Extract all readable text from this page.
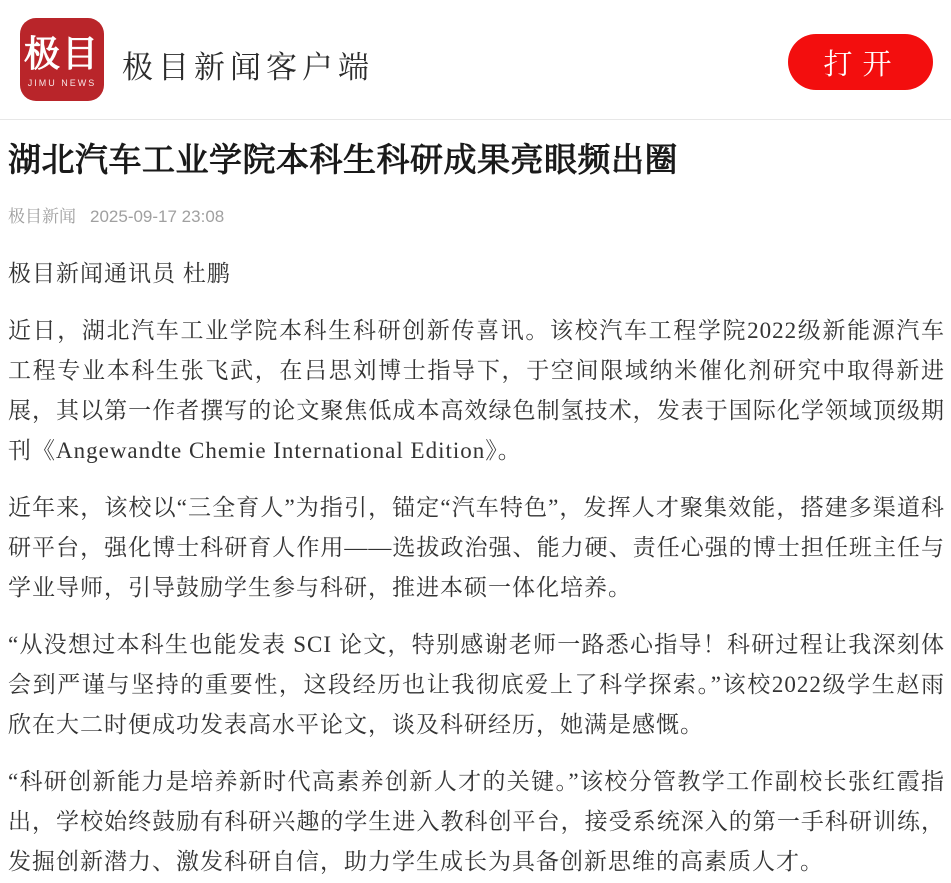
极目
JIMU NEWS 极目新闻客户端	打开
湖北汽车工业学院本科生科研成果亮眼频出圈
极目新闻 2025-09-17 23:08

极目新闻通讯员 杜鹏

近日，湖北汽车工业学院本科生科研创新传喜讯。该校汽车工程学院2022级新能源汽车工程专业本科生张飞武，在吕思刘博士指导下，于空间限域纳米催化剂研究中取得新进展，其以第一作者撰写的论文聚焦低成本高效绿色制氢技术，发表于国际化学领域顶级期刊《Angewandte Chemie International Edition》。

近年来，该校以“三全育人”为指引，锚定“汽车特色”，发挥人才聚集效能，搭建多渠道科研平台，强化博士科研育人作用——选拔政治强、能力硬、责任心强的博士担任班主任与学业导师，引导鼓励学生参与科研，推进本硕一体化培养。

“从没想过本科生也能发表 SCI 论文，特别感谢老师一路悉心指导！科研过程让我深刻体会到严谨与坚持的重要性，这段经历也让我彻底爱上了科学探索。”该校2022级学生赵雨欣在大二时便成功发表高水平论文，谈及科研经历，她满是感慨。

“科研创新能力是培养新时代高素养创新人才的关键。”该校分管教学工作副校长张红霞指出，学校始终鼓励有科研兴趣的学生进入教科创平台，接受系统深入的第一手科研训练，发掘创新潜力、激发科研自信，助力学生成长为具备创新思维的高素质人才。
